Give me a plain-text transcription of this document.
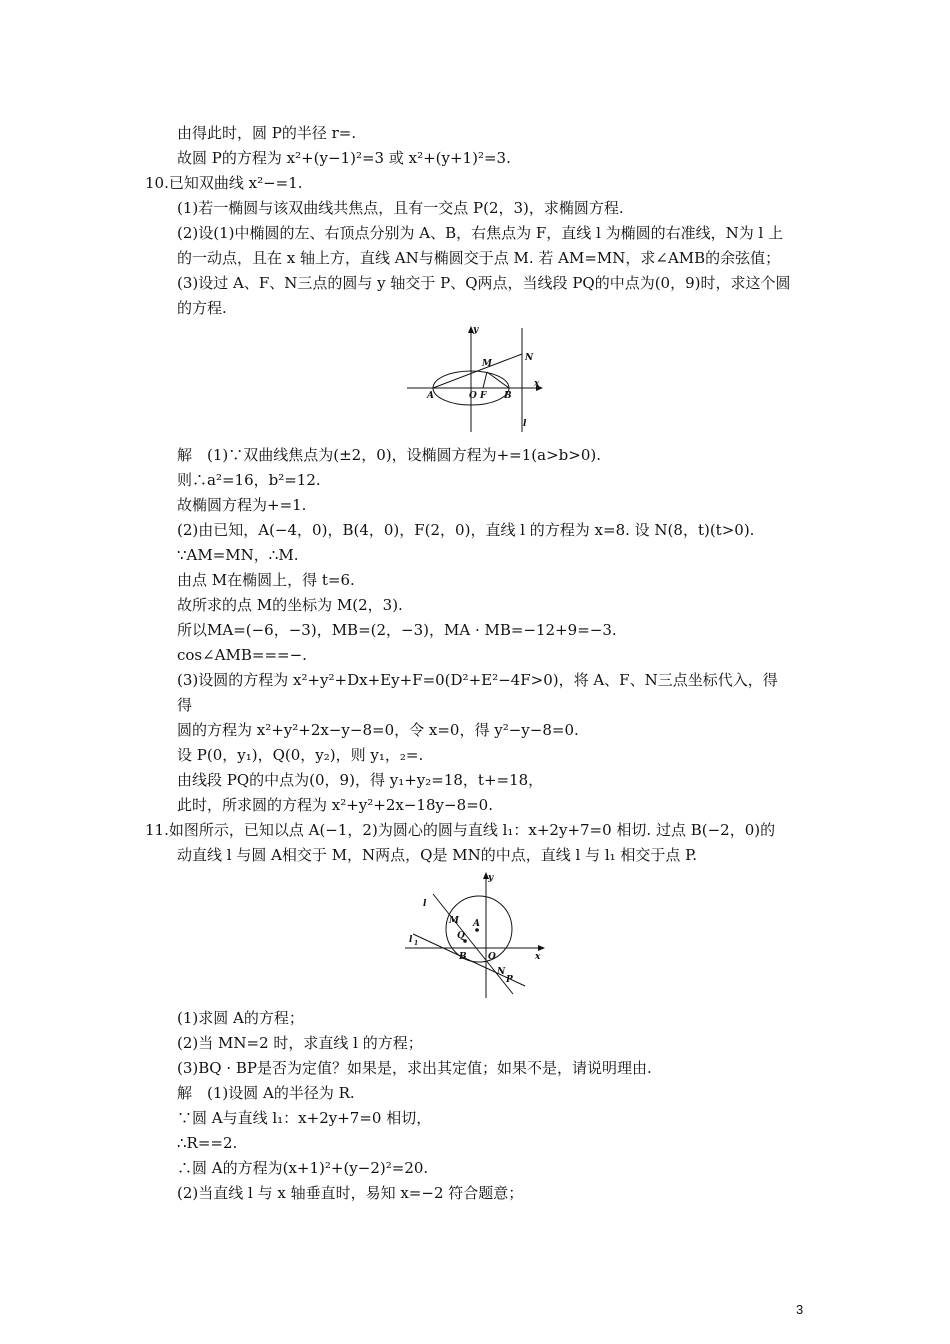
由得此时，圆 P的半径 r=.
故圆 P的方程为 x²+(y−1)²=3 或 x²+(y+1)²=3.
10.已知双曲线 x²−=1.
(1)若一椭圆与该双曲线共焦点，且有一交点 P(2，3)，求椭圆方程.
(2)设(1)中椭圆的左、右顶点分别为 A、B，右焦点为 F，直线 l 为椭圆的右准线，N为 l 上
的一动点，且在 x 轴上方，直线 AN与椭圆交于点 M. 若 AM=MN，求∠AMB的余弦值；
(3)设过 A、F、N三点的圆与 y 轴交于 P、Q两点，当线段 PQ的中点为(0，9)时，求这个圆
的方程.
y
x
M
N
A	O F B
l
解　(1)∵双曲线焦点为(±2，0)，设椭圆方程为+=1(a>b>0).
则∴a²=16，b²=12.
故椭圆方程为+=1.
(2)由已知，A(−4，0)，B(4，0)，F(2，0)，直线 l 的方程为 x=8. 设 N(8，t)(t>0).
∵AM=MN，∴M.
由点 M在椭圆上，得 t=6.
故所求的点 M的坐标为 M(2，3).
所以MA=(−6，−3)，MB=(2，−3)，MA · MB=−12+9=−3.
cos∠AMB===−.
(3)设圆的方程为 x²+y²+Dx+Ey+F=0(D²+E²−4F>0)，将 A、F、N三点坐标代入，得
得
圆的方程为 x²+y²+2x−y−8=0，令 x=0，得 y²−y−8=0.
设 P(0，y₁)，Q(0，y₂)，则 y₁，₂=.
由线段 PQ的中点为(0，9)，得 y₁+y₂=18，t+=18，
此时，所求圆的方程为 x²+y²+2x−18y−8=0.
11.如图所示，已知以点 A(−1，2)为圆心的圆与直线 l₁：x+2y+7=0 相切. 过点 B(−2，0)的
动直线 l 与圆 A相交于 M，N两点，Q是 MN的中点，直线 l 与 l₁ 相交于点 P.
y
x
l
M A
Q
l 1
B O
N
P
(1)求圆 A的方程；
(2)当 MN=2 时，求直线 l 的方程；
(3)BQ · BP是否为定值？如果是，求出其定值；如果不是，请说明理由.
解　(1)设圆 A的半径为 R.
∵圆 A与直线 l₁：x+2y+7=0 相切，
∴R==2.
∴圆 A的方程为(x+1)²+(y−2)²=20.
(2)当直线 l 与 x 轴垂直时，易知 x=−2 符合题意；
3
